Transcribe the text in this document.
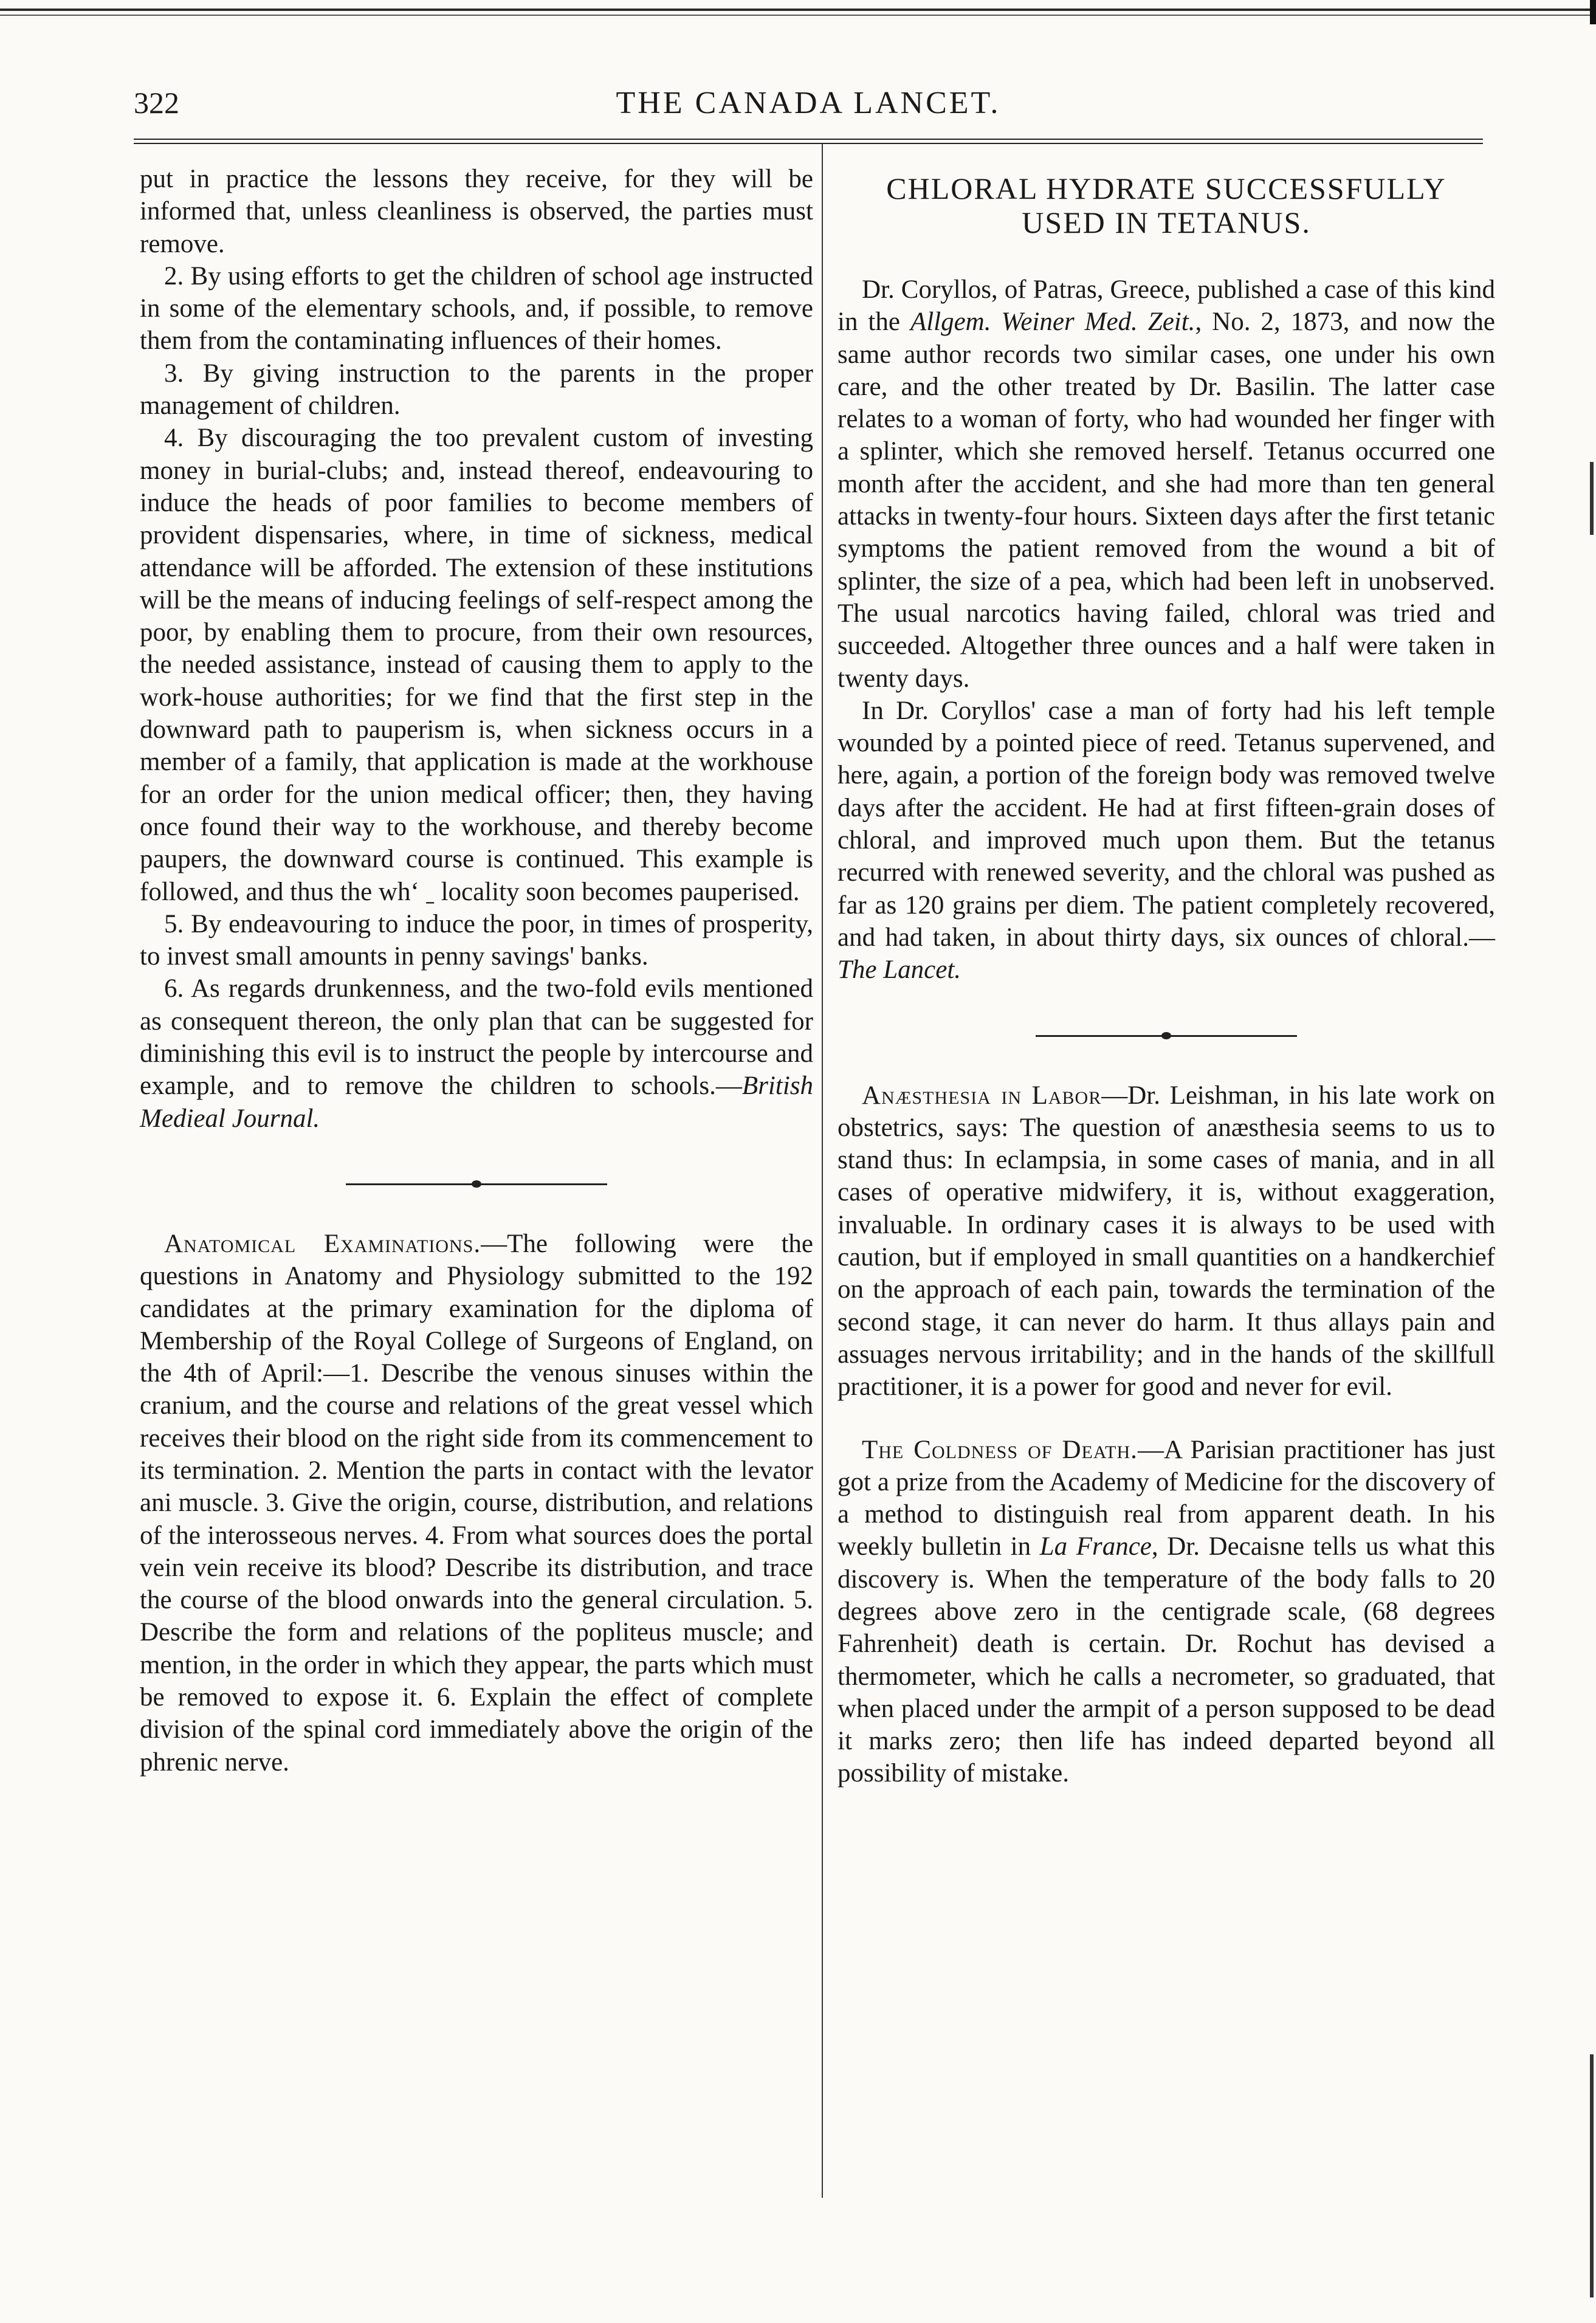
322	THE CANADA LANCET.

put in practice the lessons they receive, for they will be informed that, unless cleanliness is observed, the parties must remove.

2. By using efforts to get the children of school age instructed in some of the elementary schools, and, if possible, to remove them from the contaminating influences of their homes.

3. By giving instruction to the parents in the proper management of children.

4. By discouraging the too prevalent custom of investing money in burial-clubs; and, instead thereof, endeavouring to induce the heads of poor families to become members of provident dispensaries, where, in time of sickness, medical attendance will be afforded. The extension of these institutions will be the means of inducing feelings of self-respect among the poor, by enabling them to procure, from their own resources, the needed assistance, instead of causing them to apply to the work-house authorities; for we find that the first step in the downward path to pauperism is, when sickness occurs in a member of a family, that application is made at the workhouse for an order for the union medical officer; then, they having once found their way to the workhouse, and thereby become paupers, the downward course is continued. This example is followed, and thus the wh‘ ˍ locality soon becomes pauperised.

5. By endeavouring to induce the poor, in times of prosperity, to invest small amounts in penny savings' banks.

6. As regards drunkenness, and the two-fold evils mentioned as consequent thereon, the only plan that can be suggested for diminishing this evil is to instruct the people by intercourse and example, and to remove the children to schools.—British Medieal Journal.

Anatomical Examinations.—The following were the questions in Anatomy and Physiology submitted to the 192 candidates at the primary examination for the diploma of Membership of the Royal College of Surgeons of England, on the 4th of April:—1. Describe the venous sinuses within the cranium, and the course and relations of the great vessel which receives their blood on the right side from its commencement to its termination. 2. Mention the parts in contact with the levator ani muscle. 3. Give the origin, course, distribution, and relations of the interosseous nerves. 4. From what sources does the portal vein vein receive its blood? Describe its distribution, and trace the course of the blood onwards into the general circulation. 5. Describe the form and relations of the popliteus muscle; and mention, in the order in which they appear, the parts which must be removed to expose it. 6. Explain the effect of complete division of the spinal cord immediately above the origin of the phrenic nerve.

CHLORAL HYDRATE SUCCESSFULLY
USED IN TETANUS.

Dr. Coryllos, of Patras, Greece, published a case of this kind in the Allgem. Weiner Med. Zeit., No. 2, 1873, and now the same author records two similar cases, one under his own care, and the other treated by Dr. Basilin. The latter case relates to a woman of forty, who had wounded her finger with a splinter, which she removed herself. Tetanus occurred one month after the accident, and she had more than ten general attacks in twenty-four hours. Sixteen days after the first tetanic symptoms the patient removed from the wound a bit of splinter, the size of a pea, which had been left in unobserved. The usual narcotics having failed, chloral was tried and succeeded. Altogether three ounces and a half were taken in twenty days.

In Dr. Coryllos' case a man of forty had his left temple wounded by a pointed piece of reed. Tetanus supervened, and here, again, a portion of the foreign body was removed twelve days after the accident. He had at first fifteen-grain doses of chloral, and improved much upon them. But the tetanus recurred with renewed severity, and the chloral was pushed as far as 120 grains per diem. The patient completely recovered, and had taken, in about thirty days, six ounces of chloral.—The Lancet.

Anæsthesia in Labor—Dr. Leishman, in his late work on obstetrics, says: The question of anæsthesia seems to us to stand thus: In eclampsia, in some cases of mania, and in all cases of operative midwifery, it is, without exaggeration, invaluable. In ordinary cases it is always to be used with caution, but if employed in small quantities on a handkerchief on the approach of each pain, towards the termination of the second stage, it can never do harm. It thus allays pain and assuages nervous irritability; and in the hands of the skillfull practitioner, it is a power for good and never for evil.

The Coldness of Death.—A Parisian practitioner has just got a prize from the Academy of Medicine for the discovery of a method to distinguish real from apparent death. In his weekly bulletin in La France, Dr. Decaisne tells us what this discovery is. When the temperature of the body falls to 20 degrees above zero in the centigrade scale, (68 degrees Fahrenheit) death is certain. Dr. Rochut has devised a thermometer, which he calls a necrometer, so graduated, that when placed under the armpit of a person supposed to be dead it marks zero; then life has indeed departed beyond all possibility of mistake.
